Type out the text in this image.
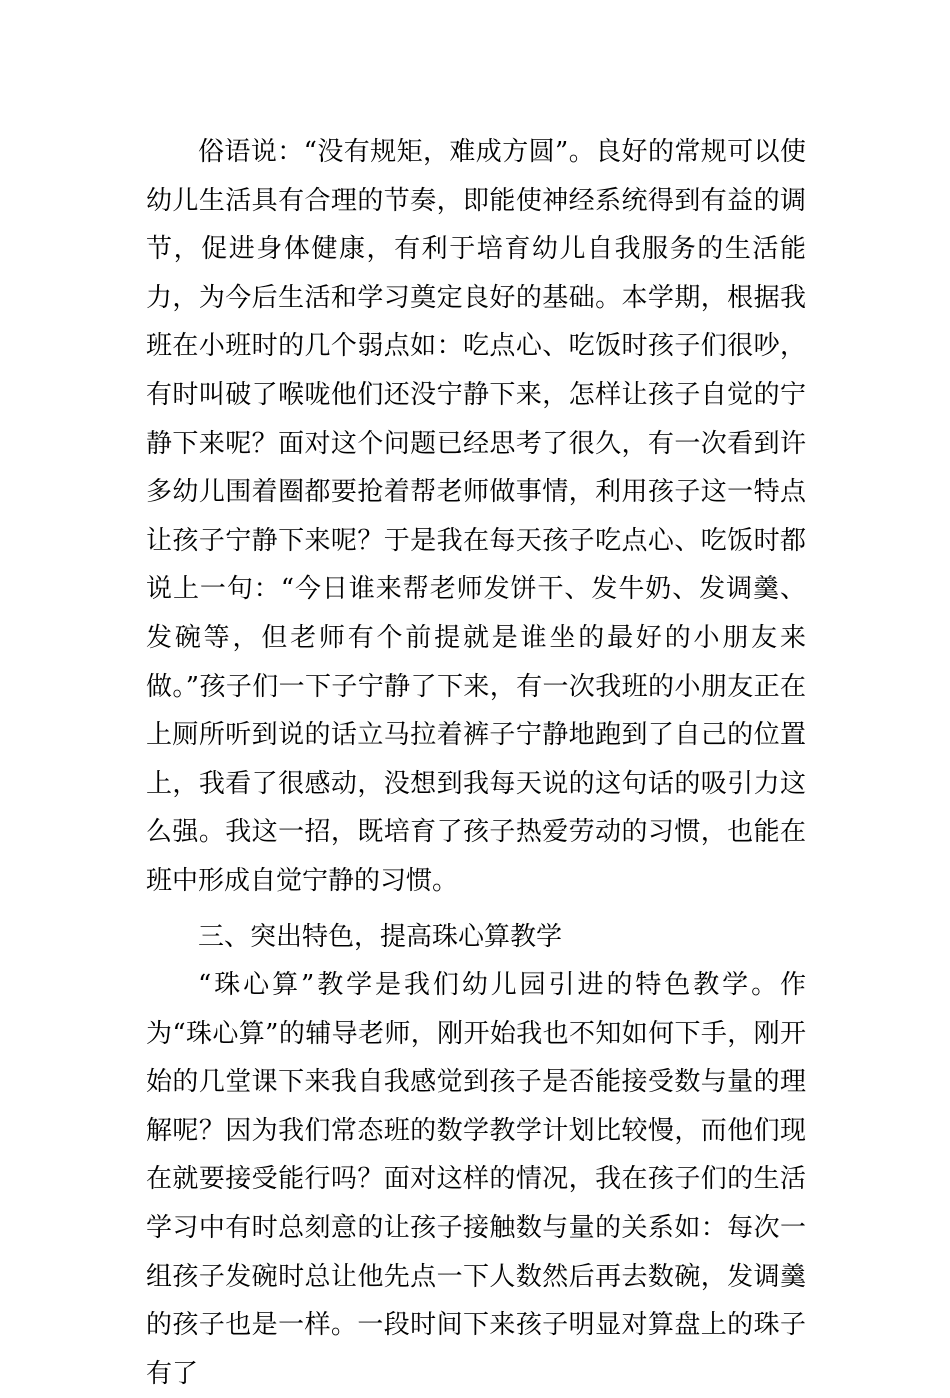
俗语说：“没有规矩，难成方圆”。良好的常规可以使幼儿生活具有合理的节奏，即能使神经系统得到有益的调节，促进身体健康，有利于培育幼儿自我服务的生活能力，为今后生活和学习奠定良好的基础。本学期，根据我班在小班时的几个弱点如：吃点心、吃饭时孩子们很吵，有时叫破了喉咙他们还没宁静下来，怎样让孩子自觉的宁静下来呢？面对这个问题已经思考了很久，有一次看到许多幼儿围着圈都要抢着帮老师做事情，利用孩子这一特点让孩子宁静下来呢？于是我在每天孩子吃点心、吃饭时都说上一句：“今日谁来帮老师发饼干、发牛奶、发调羹、发碗等，但老师有个前提就是谁坐的最好的小朋友来做。”孩子们一下子宁静了下来，有一次我班的小朋友正在上厕所听到说的话立马拉着裤子宁静地跑到了自己的位置上，我看了很感动，没想到我每天说的这句话的吸引力这么强。我这一招，既培育了孩子热爱劳动的习惯，也能在班中形成自觉宁静的习惯。

三、突出特色，提高珠心算教学

“珠心算”教学是我们幼儿园引进的特色教学。作为“珠心算”的辅导老师，刚开始我也不知如何下手，刚开始的几堂课下来我自我感觉到孩子是否能接受数与量的理解呢？因为我们常态班的数学教学计划比较慢，而他们现在就要接受能行吗？面对这样的情况，我在孩子们的生活学习中有时总刻意的让孩子接触数与量的关系如：每次一组孩子发碗时总让他先点一下人数然后再去数碗，发调羹的孩子也是一样。一段时间下来孩子明显对算盘上的珠子有了
